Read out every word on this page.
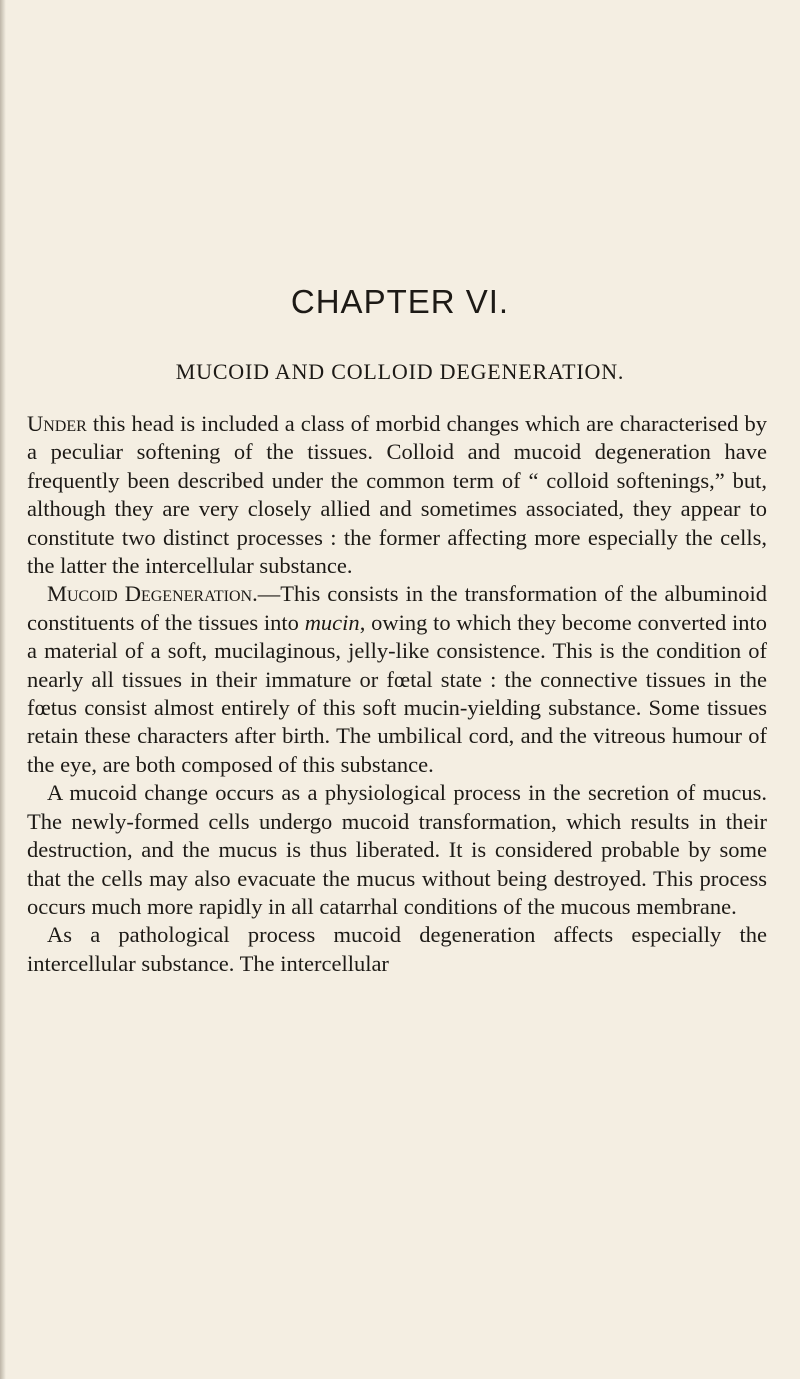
CHAPTER VI.
MUCOID AND COLLOID DEGENERATION.

Under this head is included a class of morbid changes which are characterised by a peculiar softening of the tissues. Colloid and mucoid degeneration have frequently been described under the common term of “ colloid softenings,” but, although they are very closely allied and sometimes associated, they appear to constitute two distinct processes : the former affecting more especially the cells, the latter the intercellular substance.

Mucoid Degeneration.—This consists in the transformation of the albuminoid constituents of the tissues into mucin, owing to which they become converted into a material of a soft, mucilaginous, jelly-like consistence. This is the condition of nearly all tissues in their immature or fœtal state : the connective tissues in the fœtus consist almost entirely of this soft mucin-yielding substance. Some tissues retain these characters after birth. The umbilical cord, and the vitreous humour of the eye, are both composed of this substance.

A mucoid change occurs as a physiological process in the secretion of mucus. The newly-formed cells undergo mucoid transformation, which results in their destruction, and the mucus is thus liberated. It is considered probable by some that the cells may also evacuate the mucus without being destroyed. This process occurs much more rapidly in all catarrhal conditions of the mucous membrane.

As a pathological process mucoid degeneration affects especially the intercellular substance. The intercellular
